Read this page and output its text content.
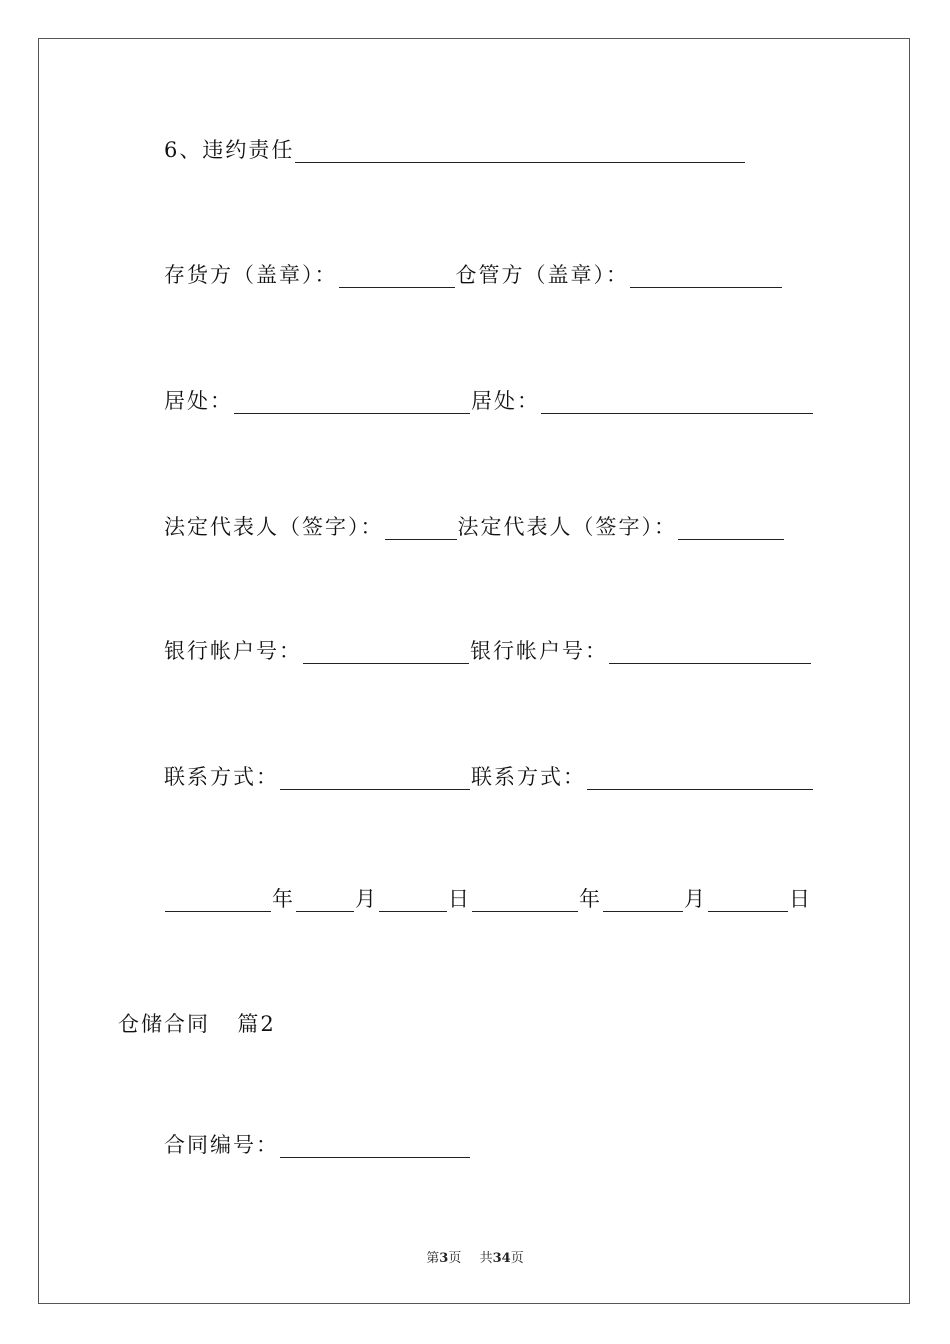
6、违约责任
存货方（盖章）：	仓管方（盖章）：
居处：	居处：
法定代表人（签字）：	法定代表人（签字）：
银行帐户号：	银行帐户号：
联系方式：	联系方式：
年	月	日	年	月	日
仓储合同 篇2
合同编号：
第3页 共34页
